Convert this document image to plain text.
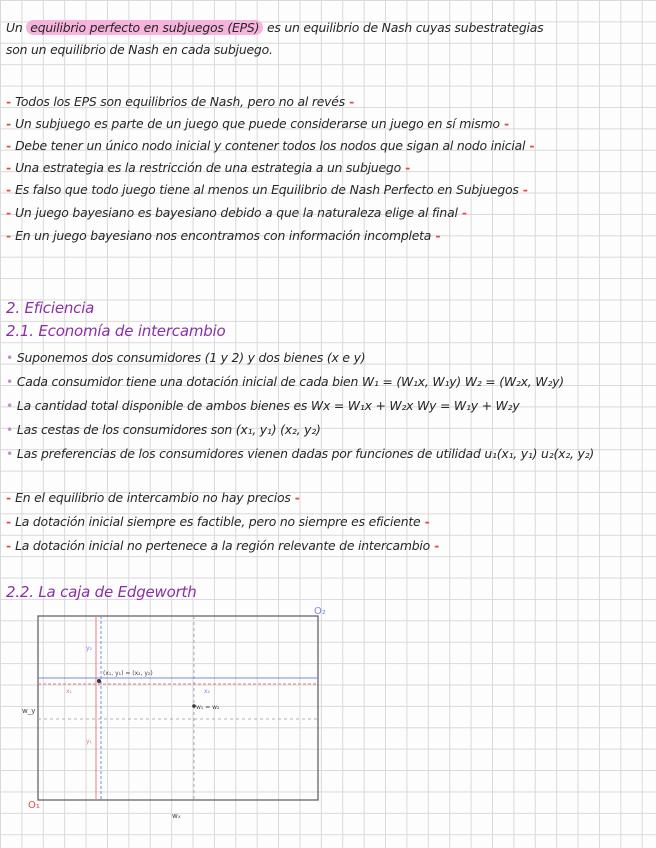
Un equilibrio perfecto en subjuegos (EPS) es un equilibrio de Nash cuyas subestrategias
son un equilibrio de Nash en cada subjuego.
- Todos los EPS son equilibrios de Nash, pero no al revés -
- Un subjuego es parte de un juego que puede considerarse un juego en sí mismo -
- Debe tener un único nodo inicial y contener todos los nodos que sigan al nodo inicial -
- Una estrategia es la restricción de una estrategia a un subjuego -
- Es falso que todo juego tiene al menos un Equilibrio de Nash Perfecto en Subjuegos -
- Un juego bayesiano es bayesiano debido a que la naturaleza elige al final -
- En un juego bayesiano nos encontramos con información incompleta -
2. Eficiencia
2.1. Economía de intercambio
• Suponemos dos consumidores (1 y 2) y dos bienes (x e y)
• Cada consumidor tiene una dotación inicial de cada bien W₁ = (W₁x, W₁y) W₂ = (W₂x, W₂y)
• La cantidad total disponible de ambos bienes es Wx = W₁x + W₂x Wy = W₁y + W₂y
• Las cestas de los consumidores son (x₁, y₁) (x₂, y₂)
• Las preferencias de los consumidores vienen dadas por funciones de utilidad u₁(x₁, y₁) u₂(x₂, y₂)
- En el equilibrio de intercambio no hay precios -
- La dotación inicial siempre es factible, pero no siempre es eficiente -
- La dotación inicial no pertenece a la región relevante de intercambio -
2.2. La caja de Edgeworth
O₁
O₂
wₓ
w_y
y₂
y₁
x₁	x₂
(x₁, y₁) = (x₂, y₂)
w₁ = w₂
